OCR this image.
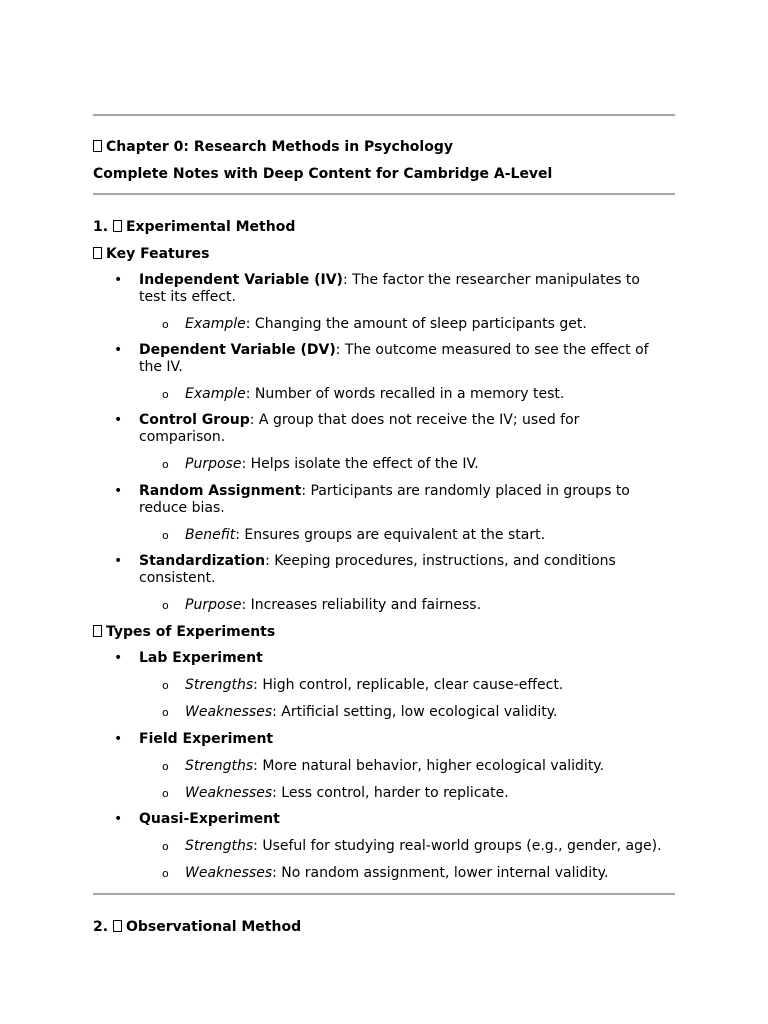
Chapter 0: Research Methods in Psychology
Complete Notes with Deep Content for Cambridge A-Level
1. Experimental Method
Key Features
• Independent Variable (IV): The factor the researcher manipulates to
test its effect.
o Example: Changing the amount of sleep participants get.
• Dependent Variable (DV): The outcome measured to see the effect of
the IV.
o Example: Number of words recalled in a memory test.
• Control Group: A group that does not receive the IV; used for
comparison.
o Purpose: Helps isolate the effect of the IV.
• Random Assignment: Participants are randomly placed in groups to
reduce bias.
o Benefit: Ensures groups are equivalent at the start.
• Standardization: Keeping procedures, instructions, and conditions
consistent.
o Purpose: Increases reliability and fairness.
Types of Experiments
• Lab Experiment
o Strengths: High control, replicable, clear cause-effect.
o Weaknesses: Artificial setting, low ecological validity.
• Field Experiment
o Strengths: More natural behavior, higher ecological validity.
o Weaknesses: Less control, harder to replicate.
• Quasi-Experiment
o Strengths: Useful for studying real-world groups (e.g., gender, age).
o Weaknesses: No random assignment, lower internal validity.
2. Observational Method
